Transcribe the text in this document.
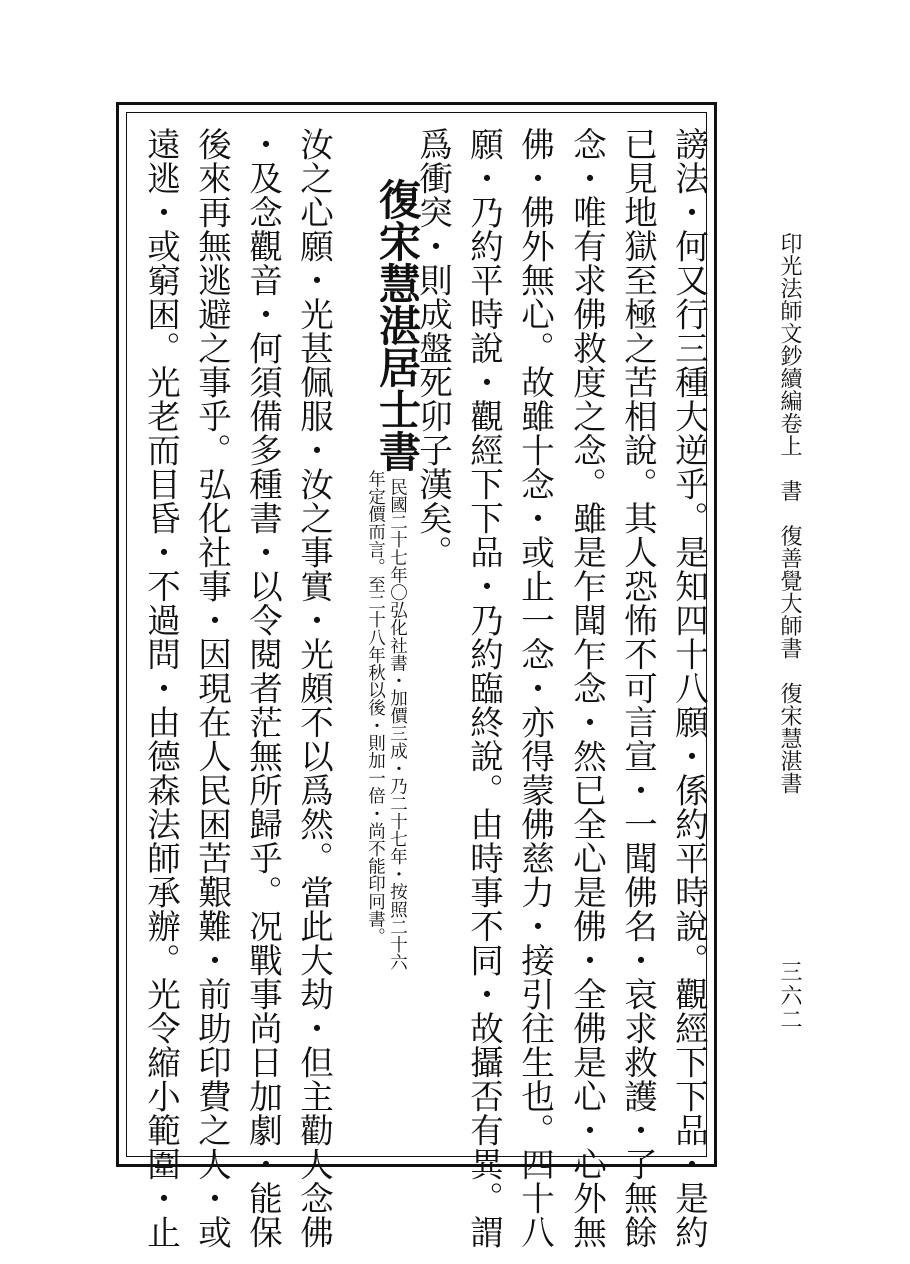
印光法師文鈔續編卷上　書　復善覺大師書　復宋慧湛書
三六二
謗法・何又行三種大逆乎。是知四十八願・係約平時說。觀經下下品・是約
已見地獄至極之苦相說。其人恐怖不可言宣・一聞佛名・哀求救護・了無餘
念・唯有求佛救度之念。雖是乍聞乍念・然已全心是佛・全佛是心・心外無
佛・佛外無心。故雖十念・或止一念・亦得蒙佛慈力・接引往生也。四十八
願・乃約平時說・觀經下下品・乃約臨終說。由時事不同・故攝否有異。謂
爲衝突・則成盤死卯子漢矣。
復宋慧湛居士書
民國二十七年〇弘化社書・加價三成・乃二十七年・按照二十六
年定價而言。至二十八年秋以後・則加一倍・尚不能印冋書。
汝之心願・光甚佩服・汝之事實・光頗不以爲然。當此大劫・但主勸人念佛
・及念觀音・何須備多種書・以令閱者茫無所歸乎。况戰事尚日加劇・能保
後來再無逃避之事乎。弘化社事・因現在人民困苦艱難・前助印費之人・或
遠逃・或窮困。光老而目昏・不過問・由德森法師承辦。光令縮小範圍・止
